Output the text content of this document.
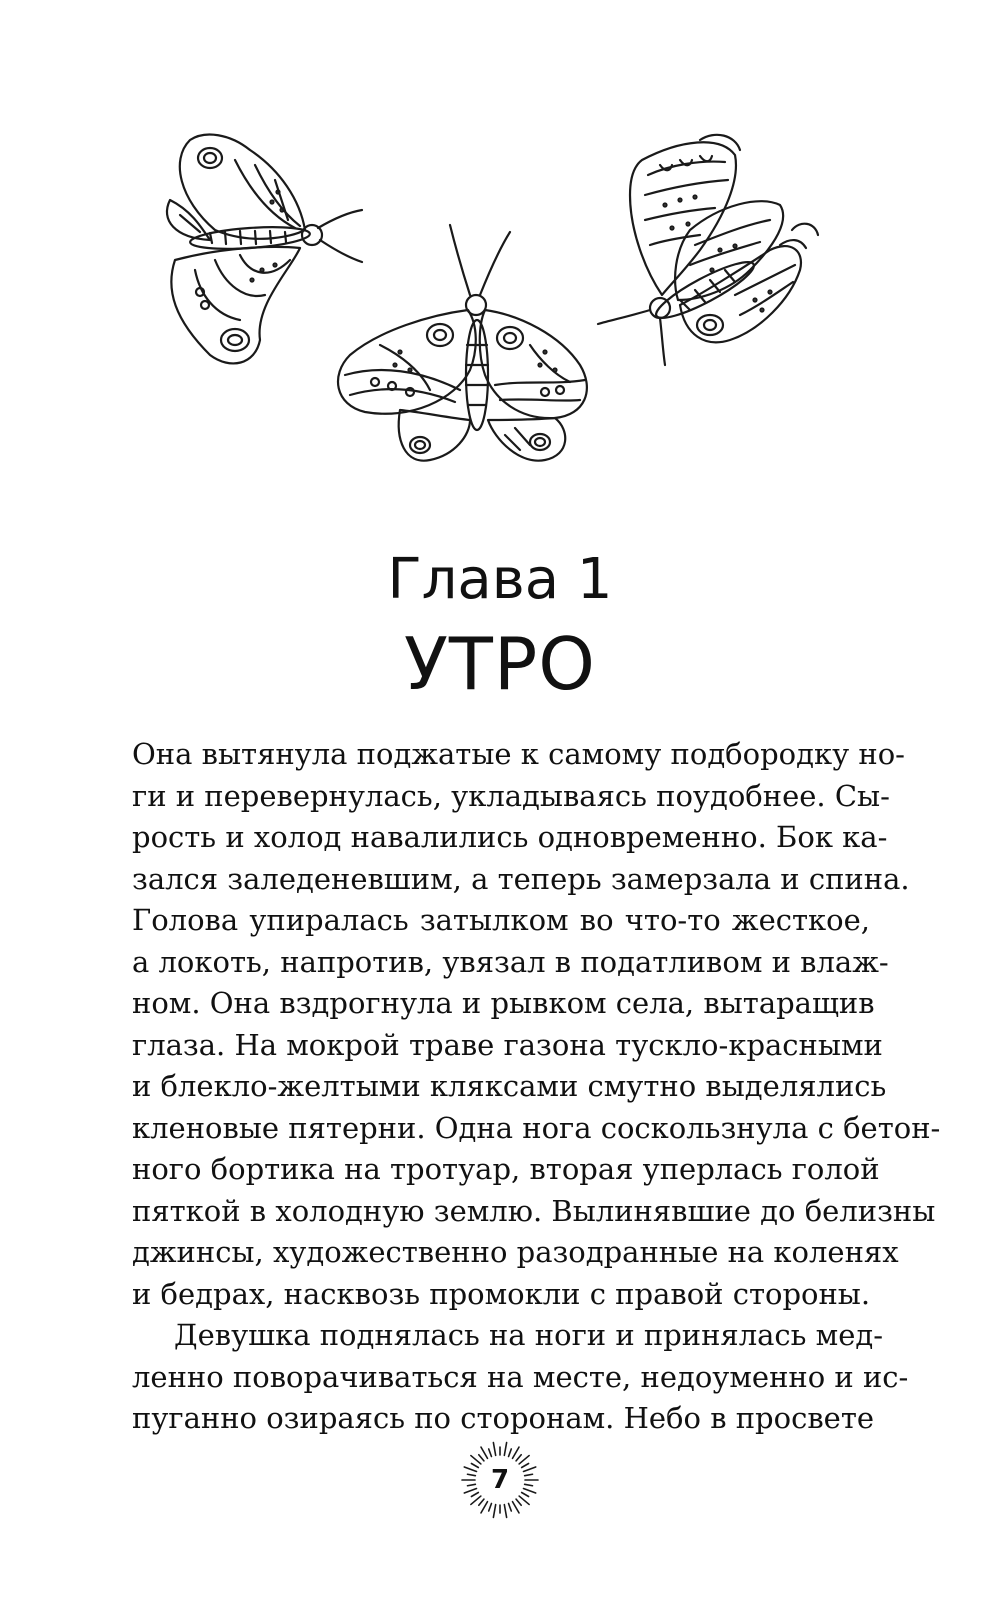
Глава 1
УТРО
Она вытянула поджатые к самому подбородку но-
ги и перевернулась, укладываясь поудобнее. Сы-
рость и холод навалились одновременно. Бок ка-
зался заледеневшим, а теперь замерзала и спина.
Голова упиралась затылком во что-то жесткое,
а локоть, напротив, увязал в податливом и влаж-
ном. Она вздрогнула и рывком села, вытаращив
глаза. На мокрой траве газона тускло-красными
и блекло-желтыми кляксами смутно выделялись
кленовые пятерни. Одна нога соскользнула с бетон-
ного бортика на тротуар, вторая уперлась голой
пяткой в холодную землю. Вылинявшие до белизны
джинсы, художественно разодранные на коленях
и бедрах, насквозь промокли с правой стороны.
Девушка поднялась на ноги и принялась мед-
ленно поворачиваться на месте, недоуменно и ис-
пуганно озираясь по сторонам. Небо в просвете
7
